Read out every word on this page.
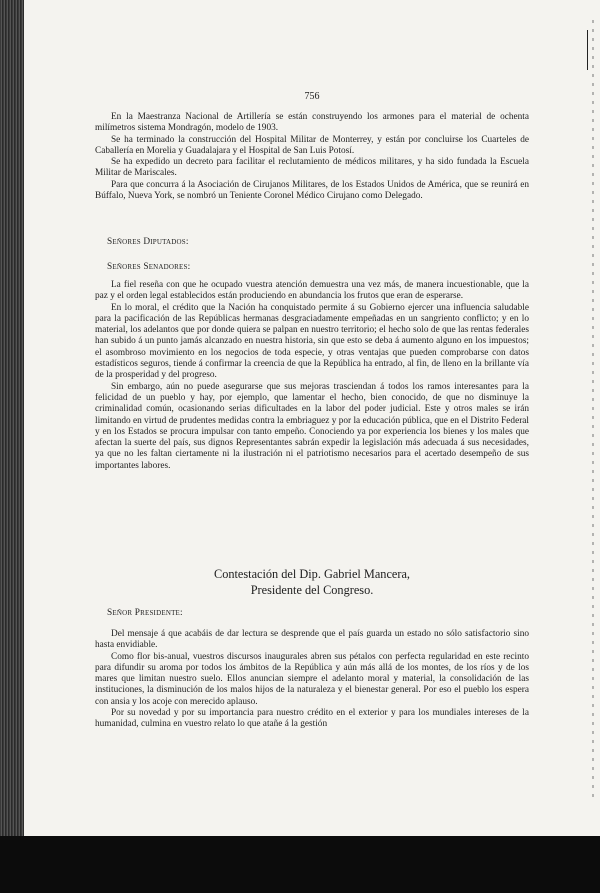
756

En la Maestranza Nacional de Artillería se están construyendo los armones para el material de ochenta milímetros sistema Mondragón, modelo de 1903.

Se ha terminado la construcción del Hospital Militar de Monterrey, y están por concluirse los Cuarteles de Caballería en Morelia y Guadalajara y el Hospital de San Luis Potosí.

Se ha expedido un decreto para facilitar el reclutamiento de médicos militares, y ha sido fundada la Escuela Militar de Mariscales.

Para que concurra á la Asociación de Cirujanos Militares, de los Estados Unidos de América, que se reunirá en Búffalo, Nueva York, se nombró un Teniente Coronel Médico Cirujano como Delegado.

Señores Diputados:
Señores Senadores:

La fiel reseña con que he ocupado vuestra atención demuestra una vez más, de manera incuestionable, que la paz y el orden legal establecidos están produciendo en abundancia los frutos que eran de esperarse.

En lo moral, el crédito que la Nación ha conquistado permite á su Gobierno ejercer una influencia saludable para la pacificación de las Repúblicas hermanas desgraciadamente empeñadas en un sangriento conflicto; y en lo material, los adelantos que por donde quiera se palpan en nuestro territorio; el hecho solo de que las rentas federales han subido á un punto jamás alcanzado en nuestra historia, sin que esto se deba á aumento alguno en los impuestos; el asombroso movimiento en los negocios de toda especie, y otras ventajas que pueden comprobarse con datos estadísticos seguros, tiende á confirmar la creencia de que la República ha entrado, al fin, de lleno en la brillante vía de la prosperidad y del progreso.

Sin embargo, aún no puede asegurarse que sus mejoras trasciendan á todos los ramos interesantes para la felicidad de un pueblo y hay, por ejemplo, que lamentar el hecho, bien conocido, de que no disminuye la criminalidad común, ocasionando serias dificultades en la labor del poder judicial. Este y otros males se irán limitando en virtud de prudentes medidas contra la embriaguez y por la educación pública, que en el Distrito Federal y en los Estados se procura impulsar con tanto empeño. Conociendo ya por experiencia los bienes y los males que afectan la suerte del país, sus dignos Representantes sabrán expedir la legislación más adecuada á sus necesidades, ya que no les faltan ciertamente ni la ilustración ni el patriotismo necesarios para el acertado desempeño de sus importantes labores.

Contestación del Dip. Gabriel Mancera,
Presidente del Congreso.
Señor Presidente:

Del mensaje á que acabáis de dar lectura se desprende que el país guarda un estado no sólo satisfactorio sino hasta envidiable.

Como flor bis-anual, vuestros discursos inaugurales abren sus pétalos con perfecta regularidad en este recinto para difundir su aroma por todos los ámbitos de la República y aún más allá de los montes, de los ríos y de los mares que limitan nuestro suelo. Ellos anuncian siempre el adelanto moral y material, la consolidación de las instituciones, la disminución de los malos hijos de la naturaleza y el bienestar general. Por eso el pueblo los espera con ansia y los acoje con merecido aplauso.

Por su novedad y por su importancia para nuestro crédito en el exterior y para los mundiales intereses de la humanidad, culmina en vuestro relato lo que atañe á la gestión
